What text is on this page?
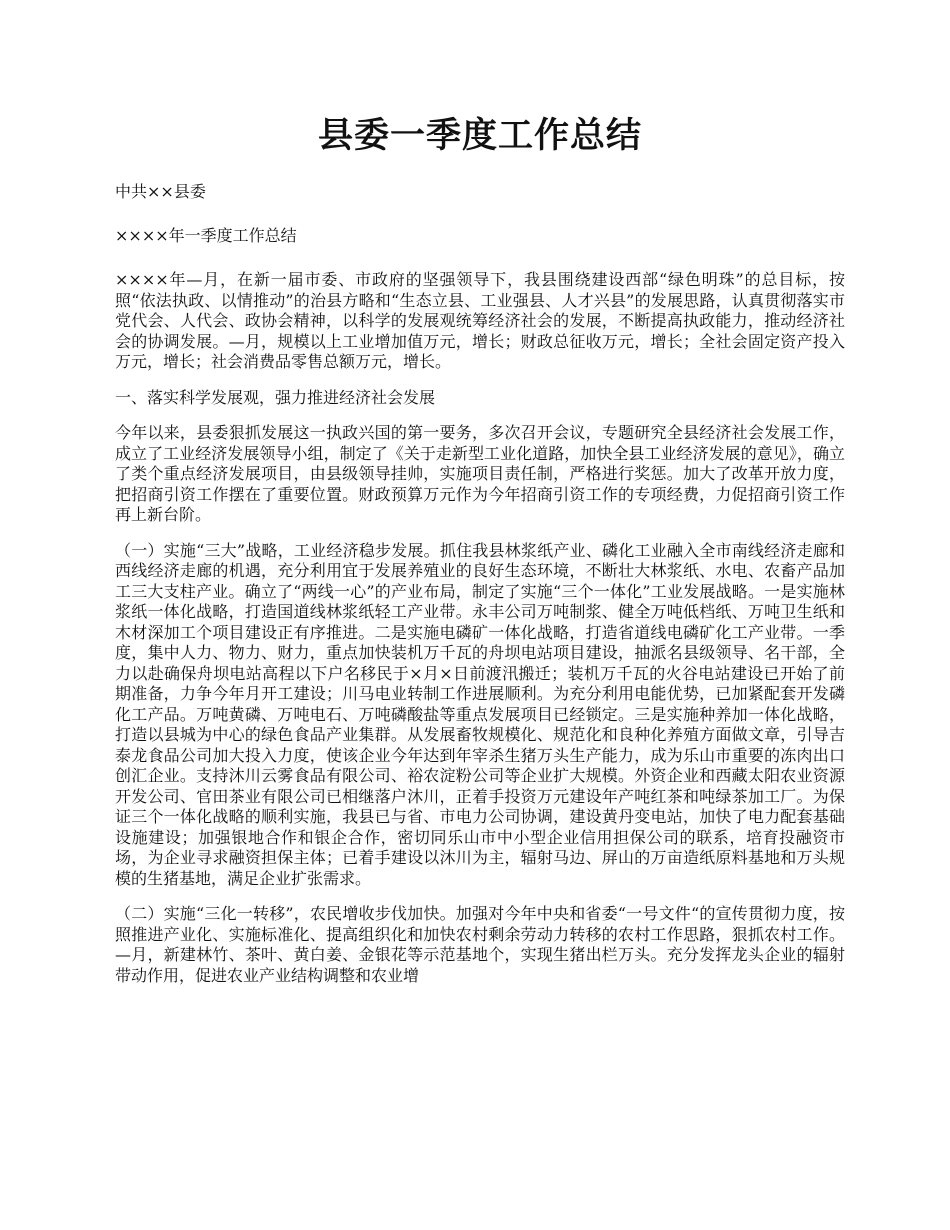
县委一季度工作总结
中共××县委
××××年一季度工作总结

××××年—月，在新一届市委、市政府的坚强领导下，我县围绕建设西部“绿色明珠”的总目标，按照“依法执政、以情推动”的治县方略和“生态立县、工业强县、人才兴县”的发展思路，认真贯彻落实市党代会、人代会、政协会精神，以科学的发展观统筹经济社会的发展，不断提高执政能力，推动经济社会的协调发展。—月，规模以上工业增加值万元，增长；财政总征收万元，增长；全社会固定资产投入万元，增长；社会消费品零售总额万元，增长。

一、落实科学发展观，强力推进经济社会发展

今年以来，县委狠抓发展这一执政兴国的第一要务，多次召开会议，专题研究全县经济社会发展工作，成立了工业经济发展领导小组，制定了《关于走新型工业化道路，加快全县工业经济发展的意见》，确立了类个重点经济发展项目，由县级领导挂帅，实施项目责任制，严格进行奖惩。加大了改革开放力度，把招商引资工作摆在了重要位置。财政预算万元作为今年招商引资工作的专项经费，力促招商引资工作再上新台阶。

（一）实施“三大”战略，工业经济稳步发展。抓住我县林浆纸产业、磷化工业融入全市南线经济走廊和西线经济走廊的机遇，充分利用宜于发展养殖业的良好生态环境，不断壮大林浆纸、水电、农畜产品加工三大支柱产业。确立了“两线一心”的产业布局，制定了实施“三个一体化”工业发展战略。一是实施林浆纸一体化战略，打造国道线林浆纸轻工产业带。永丰公司万吨制浆、健全万吨低档纸、万吨卫生纸和木材深加工个项目建设正有序推进。二是实施电磷矿一体化战略，打造省道线电磷矿化工产业带。一季度，集中人力、物力、财力，重点加快装机万千瓦的舟坝电站项目建设，抽派名县级领导、名干部，全力以赴确保舟坝电站高程以下户名移民于×月×日前渡汛搬迁；装机万千瓦的火谷电站建设已开始了前期准备，力争今年月开工建设；川马电业转制工作进展顺利。为充分利用电能优势，已加紧配套开发磷化工产品。万吨黄磷、万吨电石、万吨磷酸盐等重点发展项目已经锁定。三是实施种养加一体化战略，打造以县城为中心的绿色食品产业集群。从发展畜牧规模化、规范化和良种化养殖方面做文章，引导吉泰龙食品公司加大投入力度，使该企业今年达到年宰杀生猪万头生产能力，成为乐山市重要的冻肉出口创汇企业。支持沐川云雾食品有限公司、裕农淀粉公司等企业扩大规模。外资企业和西藏太阳农业资源开发公司、官田茶业有限公司已相继落户沐川，正着手投资万元建设年产吨红茶和吨绿茶加工厂。为保证三个一体化战略的顺利实施，我县已与省、市电力公司协调，建设黄丹变电站，加快了电力配套基础设施建设；加强银地合作和银企合作，密切同乐山市中小型企业信用担保公司的联系，培育投融资市场，为企业寻求融资担保主体；已着手建设以沐川为主，辐射马边、屏山的万亩造纸原料基地和万头规模的生猪基地，满足企业扩张需求。

（二）实施“三化一转移”，农民增收步伐加快。加强对今年中央和省委“一号文件“的宣传贯彻力度，按照推进产业化、实施标准化、提高组织化和加快农村剩余劳动力转移的农村工作思路，狠抓农村工作。—月，新建林竹、茶叶、黄白姜、金银花等示范基地个，实现生猪出栏万头。充分发挥龙头企业的辐射带动作用，促进农业产业结构调整和农业增
